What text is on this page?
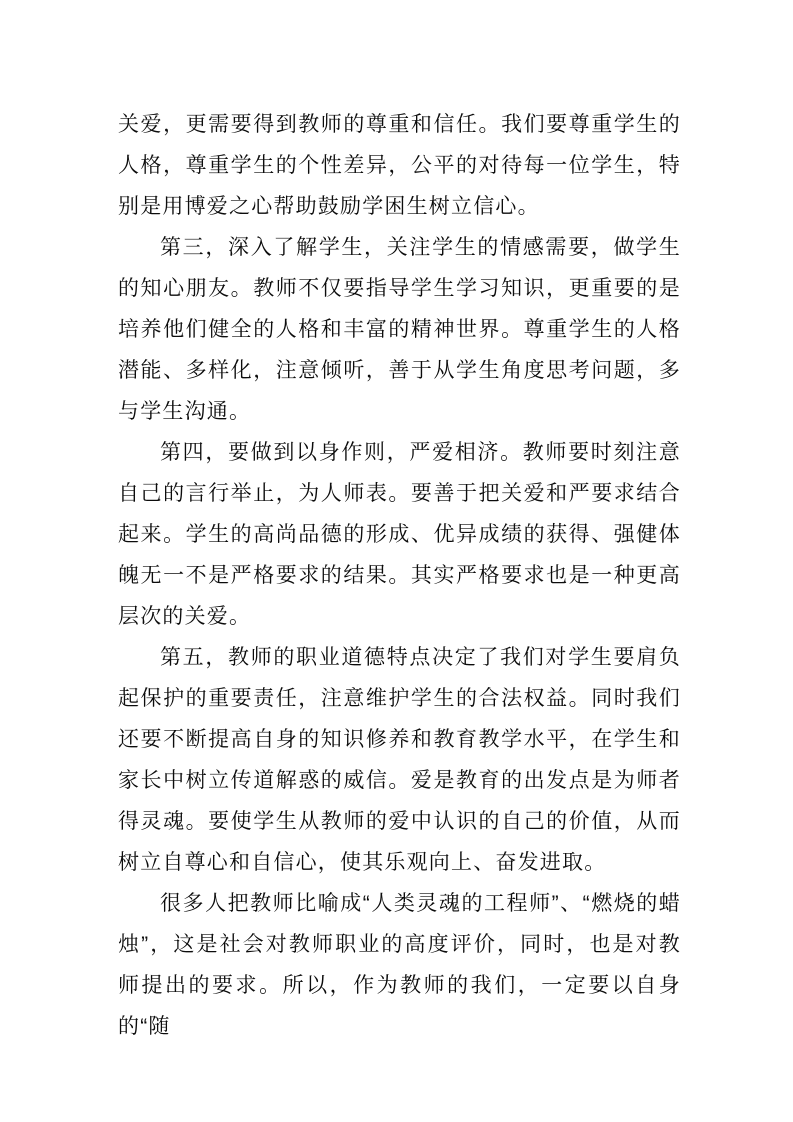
关爱，更需要得到教师的尊重和信任。我们要尊重学生的人格，尊重学生的个性差异，公平的对待每一位学生，特别是用博爱之心帮助鼓励学困生树立信心。

第三，深入了解学生，关注学生的情感需要，做学生的知心朋友。教师不仅要指导学生学习知识，更重要的是培养他们健全的人格和丰富的精神世界。尊重学生的人格潜能、多样化，注意倾听，善于从学生角度思考问题，多与学生沟通。

第四，要做到以身作则，严爱相济。教师要时刻注意自己的言行举止，为人师表。要善于把关爱和严要求结合起来。学生的高尚品德的形成、优异成绩的获得、强健体魄无一不是严格要求的结果。其实严格要求也是一种更高层次的关爱。

第五，教师的职业道德特点决定了我们对学生要肩负起保护的重要责任，注意维护学生的合法权益。同时我们还要不断提高自身的知识修养和教育教学水平，在学生和家长中树立传道解惑的威信。爱是教育的出发点是为师者得灵魂。要使学生从教师的爱中认识的自己的价值，从而树立自尊心和自信心，使其乐观向上、奋发进取。

很多人把教师比喻成“人类灵魂的工程师”、“燃烧的蜡烛”，这是社会对教师职业的高度评价，同时，也是对教师提出的要求。所以，作为教师的我们，一定要以自身的“随
